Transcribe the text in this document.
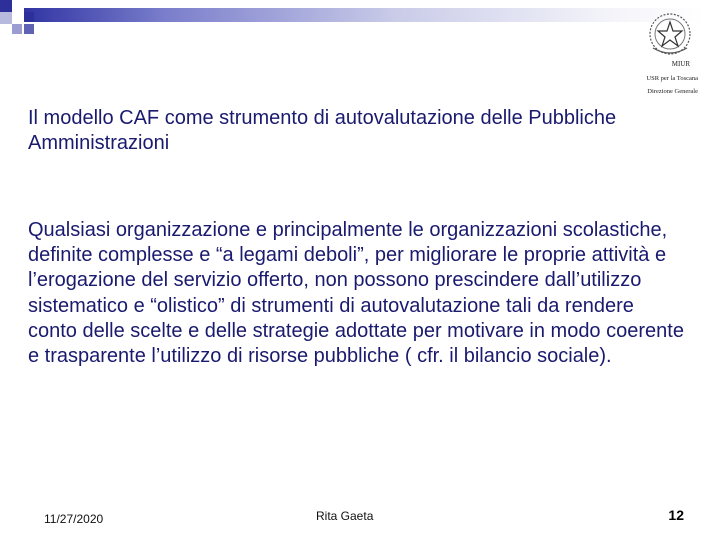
MIUR
USR per la Toscana
Direzione Generale
Il modello CAF come strumento di autovalutazione delle Pubbliche Amministrazioni
Qualsiasi organizzazione e principalmente le organizzazioni scolastiche, definite complesse e “a legami deboli”, per migliorare le proprie attività e l’erogazione del servizio offerto, non possono prescindere dall’utilizzo sistematico e “olistico” di strumenti di autovalutazione tali da rendere conto delle scelte e delle strategie adottate per motivare in modo coerente e trasparente l’utilizzo di risorse pubbliche ( cfr. il bilancio sociale).
11/27/2020	Rita Gaeta	12
